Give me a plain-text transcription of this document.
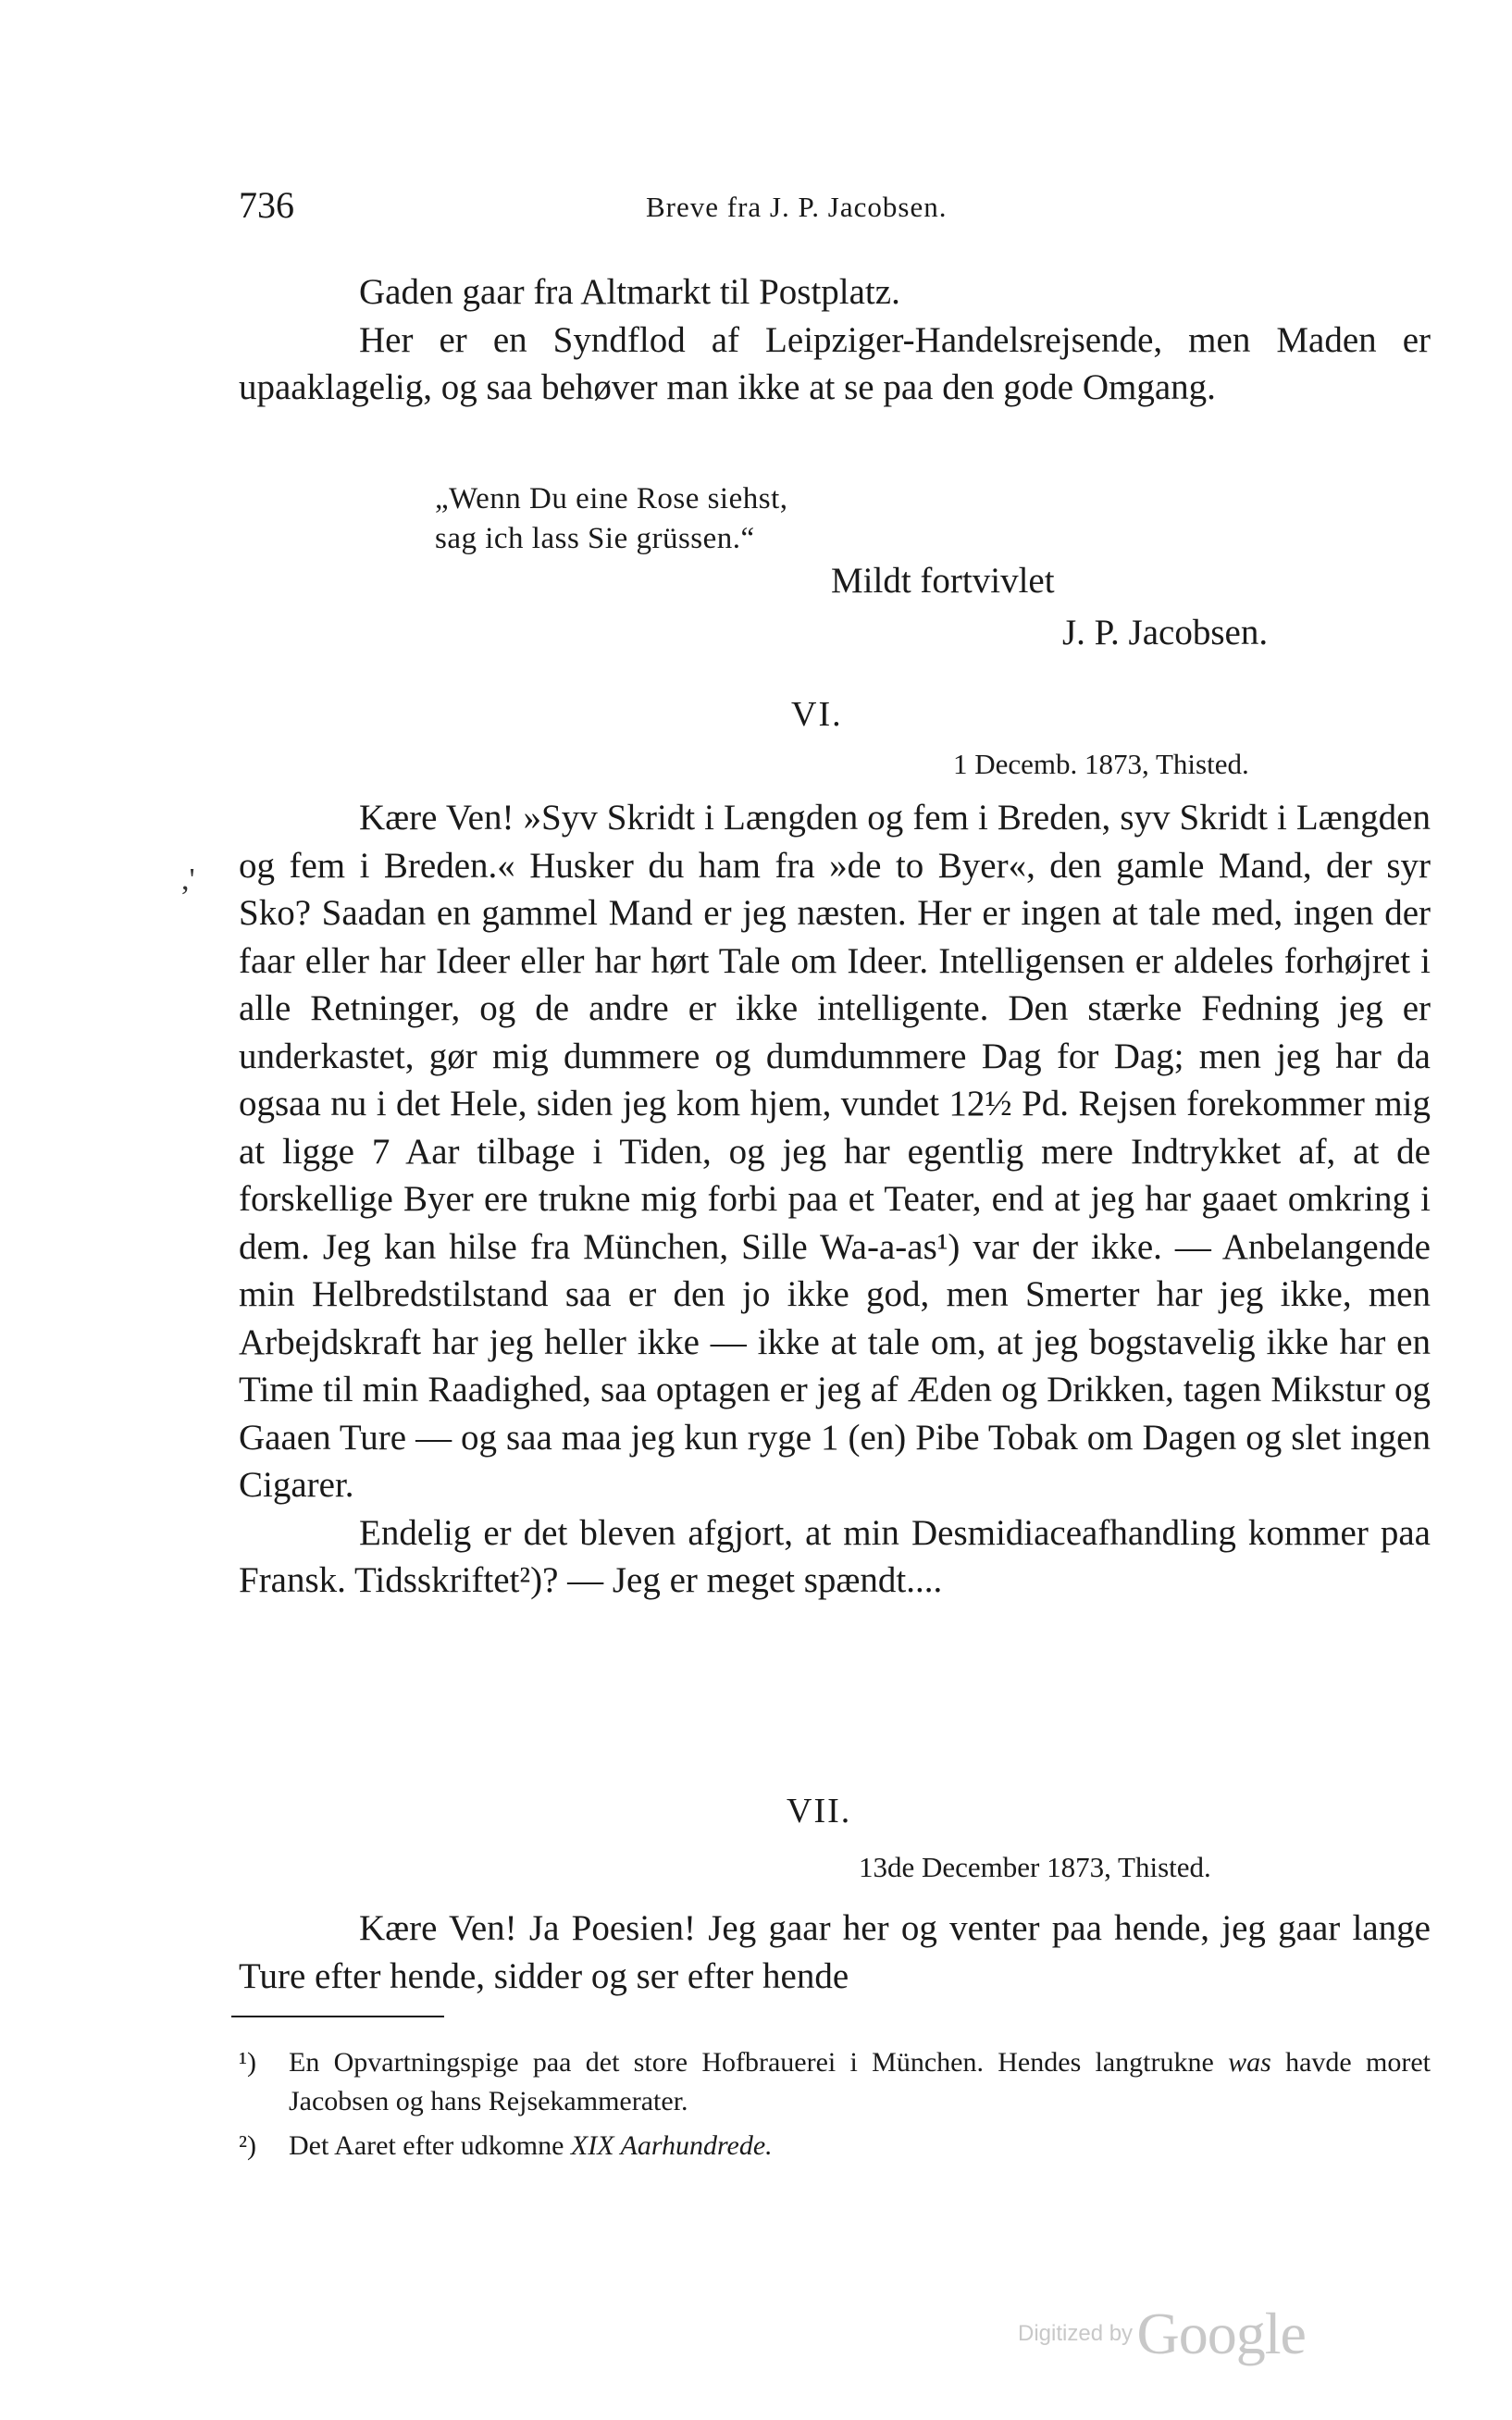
736	Breve fra J. P. Jacobsen.

Gaden gaar fra Altmarkt til Postplatz.

Her er en Syndflod af Leipziger-Handelsrejsende, men Maden er upaaklagelig, og saa behøver man ikke at se paa den gode Omgang.

„Wenn Du eine Rose siehst,
sag ich lass Sie grüssen.“
Mildt fortvivlet
J. P. Jacobsen.
VI.
1 Decemb. 1873, Thisted.
,'

Kære Ven! »Syv Skridt i Længden og fem i Breden, syv Skridt i Længden og fem i Breden.« Husker du ham fra »de to Byer«, den gamle Mand, der syr Sko? Saadan en gammel Mand er jeg næsten. Her er ingen at tale med, ingen der faar eller har Ideer eller har hørt Tale om Ideer. Intelligensen er aldeles forhøjret i alle Retninger, og de andre er ikke intelligente. Den stærke Fedning jeg er underkastet, gør mig dummere og dumdummere Dag for Dag; men jeg har da ogsaa nu i det Hele, siden jeg kom hjem, vundet 12½ Pd. Rejsen forekommer mig at ligge 7 Aar tilbage i Tiden, og jeg har egentlig mere Indtrykket af, at de forskellige Byer ere trukne mig forbi paa et Teater, end at jeg har gaaet omkring i dem. Jeg kan hilse fra München, Sille Wa-a-as¹) var der ikke. — Anbelangende min Helbredstilstand saa er den jo ikke god, men Smerter har jeg ikke, men Arbejdskraft har jeg heller ikke — ikke at tale om, at jeg bogstavelig ikke har en Time til min Raadighed, saa optagen er jeg af Æden og Drikken, tagen Mikstur og Gaaen Ture — og saa maa jeg kun ryge 1 (en) Pibe Tobak om Dagen og slet ingen Cigarer.

Endelig er det bleven afgjort, at min Desmidiaceafhandling kommer paa Fransk. Tidsskriftet²)? — Jeg er meget spændt....

VII.
13de December 1873, Thisted.

Kære Ven! Ja Poesien! Jeg gaar her og venter paa hende, jeg gaar lange Ture efter hende, sidder og ser efter hende

¹) En Opvartningspige paa det store Hofbrauerei i München. Hendes langtrukne was havde moret Jacobsen og hans Rejsekammerater.

²) Det Aaret efter udkomne XIX Aarhundrede.

Digitized by Google
